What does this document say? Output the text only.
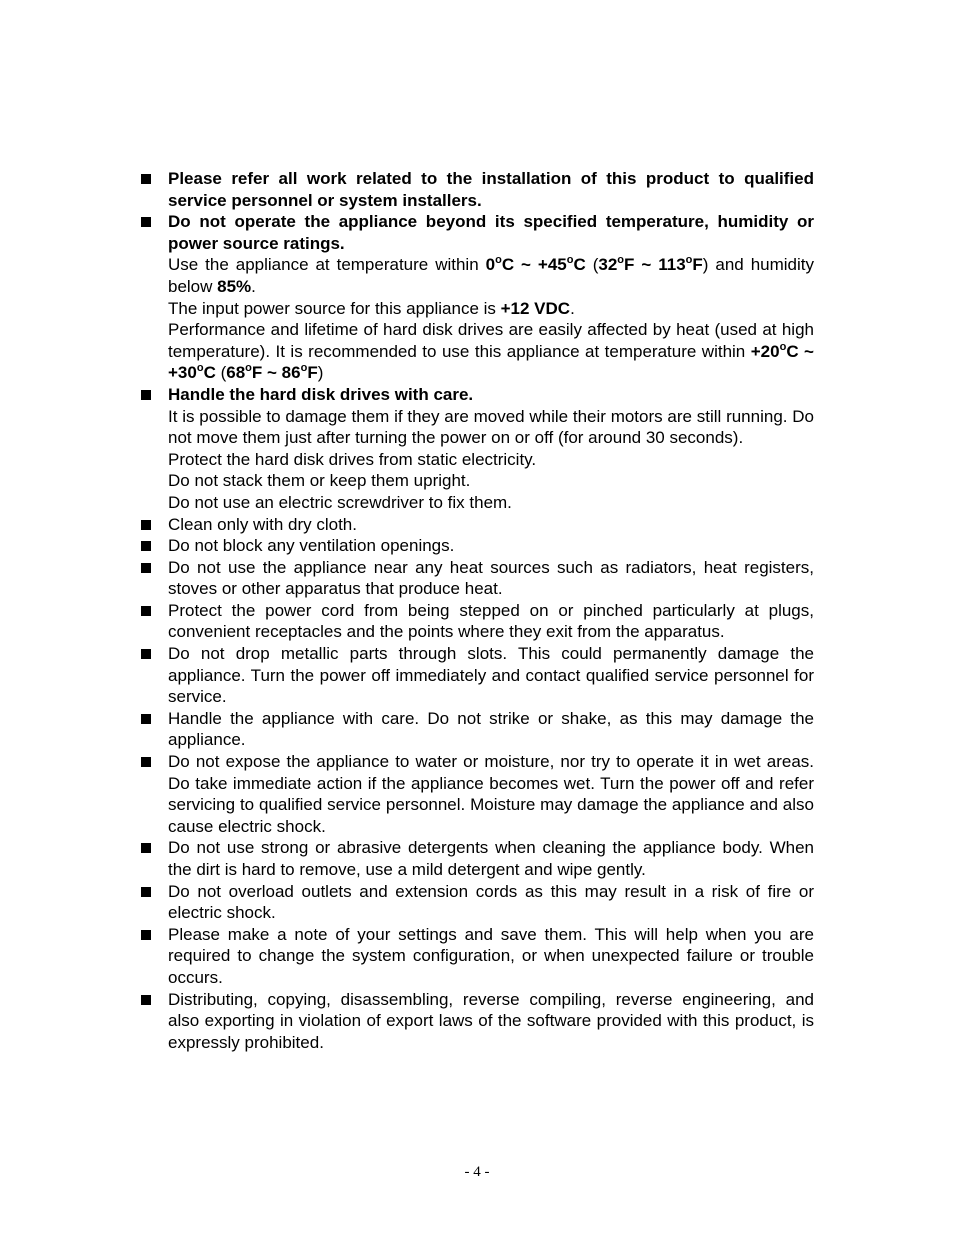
Please refer all work related to the installation of this product to qualified service personnel or system installers.
Do not operate the appliance beyond its specified temperature, humidity or power source ratings.
Use the appliance at temperature within 0$^o$C ~ $+45^oC$ (32$^o$F ~ 113$^o$F) and humidity below 85%.
The input power source for this appliance is +12 VDC.
Performance and lifetime of hard disk drives are easily affected by heat (used at high temperature). It is recommended to use this appliance at temperature within $+20^oC$ ~ $+30^oC$ (68$^o$F ~ 86$^o$F)
Handle the hard disk drives with care.
It is possible to damage them if they are moved while their motors are still running. Do not move them just after turning the power on or off (for around 30 seconds).
Protect the hard disk drives from static electricity.
Do not stack them or keep them upright.
Do not use an electric screwdriver to fix them.
Clean only with dry cloth.
Do not block any ventilation openings.
Do not use the appliance near any heat sources such as radiators, heat registers, stoves or other apparatus that produce heat.
Protect the power cord from being stepped on or pinched particularly at plugs, convenient receptacles and the points where they exit from the apparatus.
Do not drop metallic parts through slots. This could permanently damage the appliance. Turn the power off immediately and contact qualified service personnel for service.
Handle the appliance with care. Do not strike or shake, as this may damage the appliance.
Do not expose the appliance to water or moisture, nor try to operate it in wet areas. Do take immediate action if the appliance becomes wet. Turn the power off and refer servicing to qualified service personnel. Moisture may damage the appliance and also cause electric shock.
Do not use strong or abrasive detergents when cleaning the appliance body. When the dirt is hard to remove, use a mild detergent and wipe gently.
Do not overload outlets and extension cords as this may result in a risk of fire or electric shock.
Please make a note of your settings and save them. This will help when you are required to change the system configuration, or when unexpected failure or trouble occurs.
Distributing, copying, disassembling, reverse compiling, reverse engineering, and also exporting in violation of export laws of the software provided with this product, is expressly prohibited.
- 4 -
